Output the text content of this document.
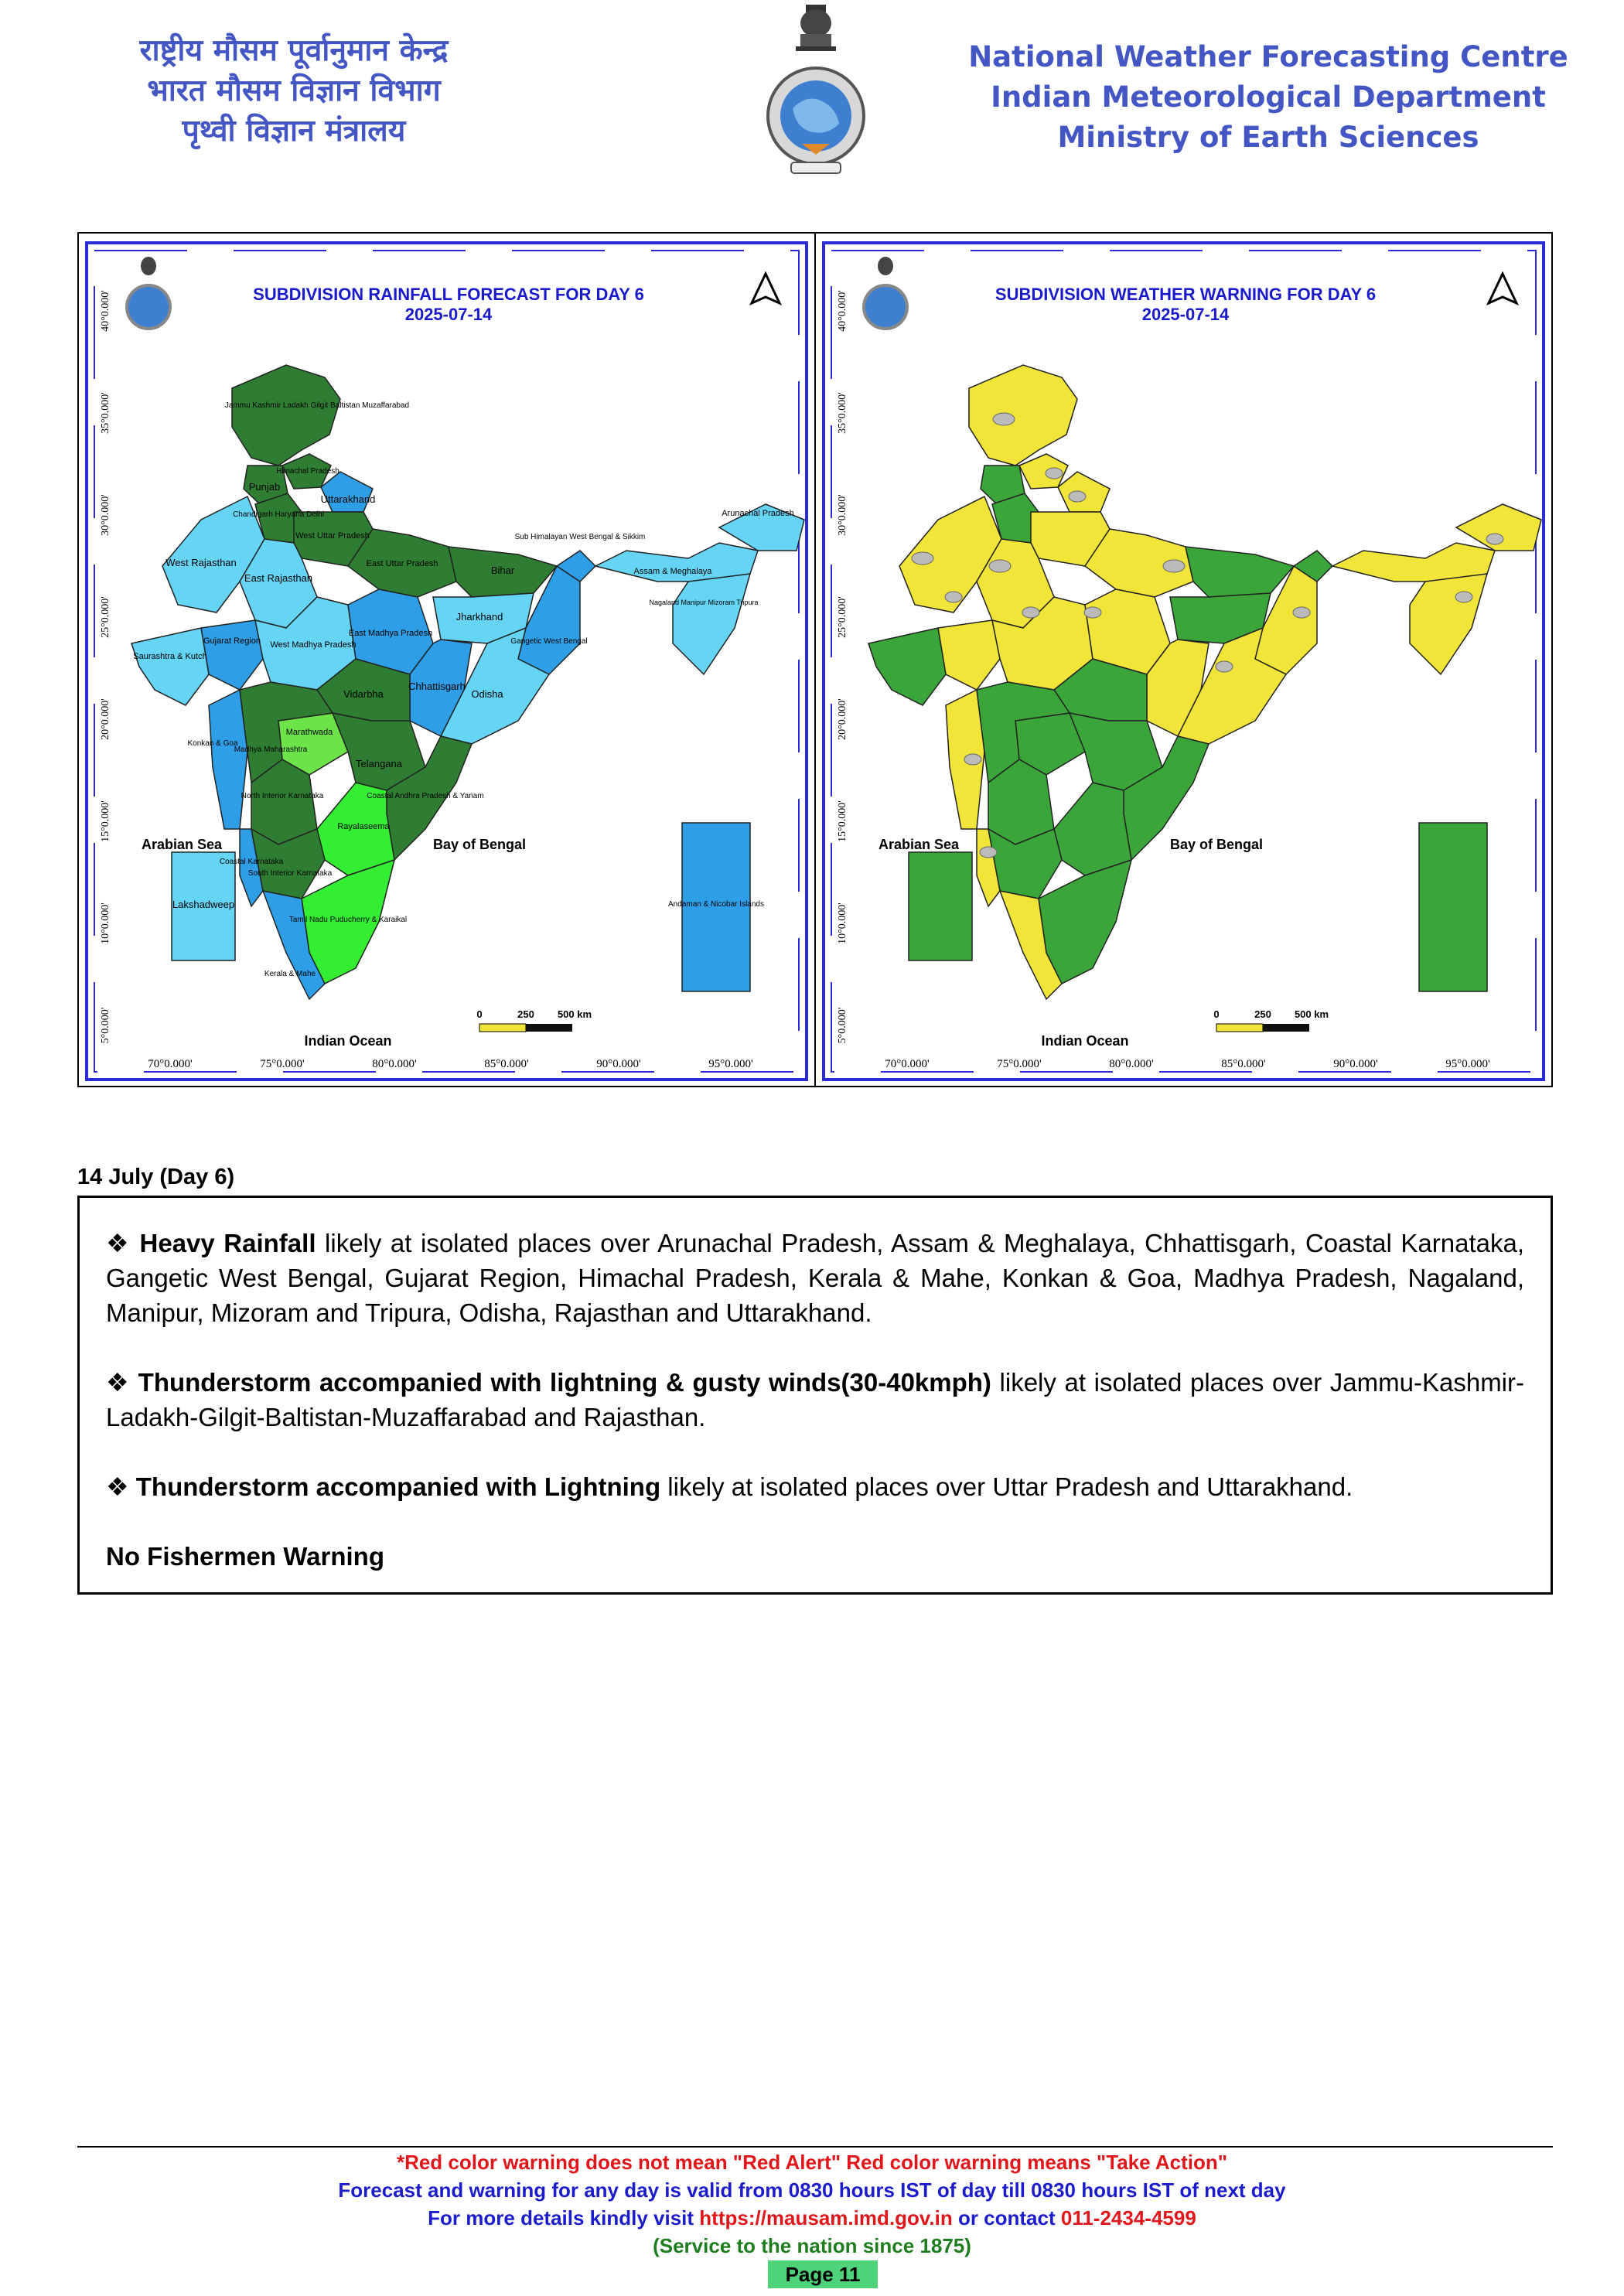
राष्ट्रीय मौसम पूर्वानुमान केन्द्र
भारत मौसम विज्ञान विभाग
पृथ्वी विज्ञान मंत्रालय
National Weather Forecasting Centre
Indian Meteorological Department
Ministry of Earth Sciences
SUBDIVISION RAINFALL FORECAST FOR DAY 6
2025-07-14
Jammu Kashmir Ladakh Gilgit Baltistan Muzaffarabad
Himachal Pradesh
Punjab
Uttarakhand
Chandigarh Haryana Delhi
West Uttar Pradesh
East Uttar Pradesh
West Rajasthan
East Rajasthan
Bihar
Sub Himalayan West Bengal & Sikkim
Arunachal Pradesh
Assam & Meghalaya
Nagaland Manipur Mizoram Tripura
Gujarat Region
Saurashtra & Kutch
West Madhya Pradesh
East Madhya Pradesh
Jharkhand
Gangetic West Bengal
Chhattisgarh
Odisha
Vidarbha
Marathwada
Konkan & Goa
Madhya Maharashtra
North Interior Karnataka
Telangana
Coastal Andhra Pradesh & Yanam
Rayalaseema
Coastal Karnataka
South Interior Karnataka
Tamil Nadu Puducherry & Karaikal
Kerala & Mahe
Lakshadweep	Andaman & Nicobar Islands
Arabian Sea	Bay of Bengal
Indian Ocean
0	250 500 km
70°0.000'	75°0.000'	80°0.000'	85°0.000'	90°0.000'	95°0.000'
40°0.000'
35°0.000'
30°0.000'
25°0.000'
20°0.000'
15°0.000'
10°0.000'
5°0.000'
SUBDIVISION WEATHER WARNING FOR DAY 6
2025-07-14
Arabian Sea	Bay of Bengal
Indian Ocean
0	250 500 km
70°0.000'	75°0.000'	80°0.000'	85°0.000'	90°0.000'	95°0.000'
40°0.000'
35°0.000'
30°0.000'
25°0.000'
20°0.000'
15°0.000'
10°0.000'
5°0.000'
14 July (Day 6)
❖ Heavy Rainfall likely at isolated places over Arunachal Pradesh, Assam & Meghalaya, Chhattisgarh, Coastal Karnataka, Gangetic West Bengal, Gujarat Region, Himachal Pradesh, Kerala & Mahe, Konkan & Goa, Madhya Pradesh, Nagaland, Manipur, Mizoram and Tripura, Odisha, Rajasthan and Uttarakhand.
❖ Thunderstorm accompanied with lightning & gusty winds(30-40kmph) likely at isolated places over Jammu-Kashmir-Ladakh-Gilgit-Baltistan-Muzaffarabad and Rajasthan.
❖ Thunderstorm accompanied with Lightning likely at isolated places over Uttar Pradesh and Uttarakhand.
No Fishermen Warning
*Red color warning does not mean "Red Alert" Red color warning means "Take Action"
Forecast and warning for any day is valid from 0830 hours IST of day till 0830 hours IST of next day
For more details kindly visit https://mausam.imd.gov.in or contact 011-2434-4599
(Service to the nation since 1875)
Page 11
